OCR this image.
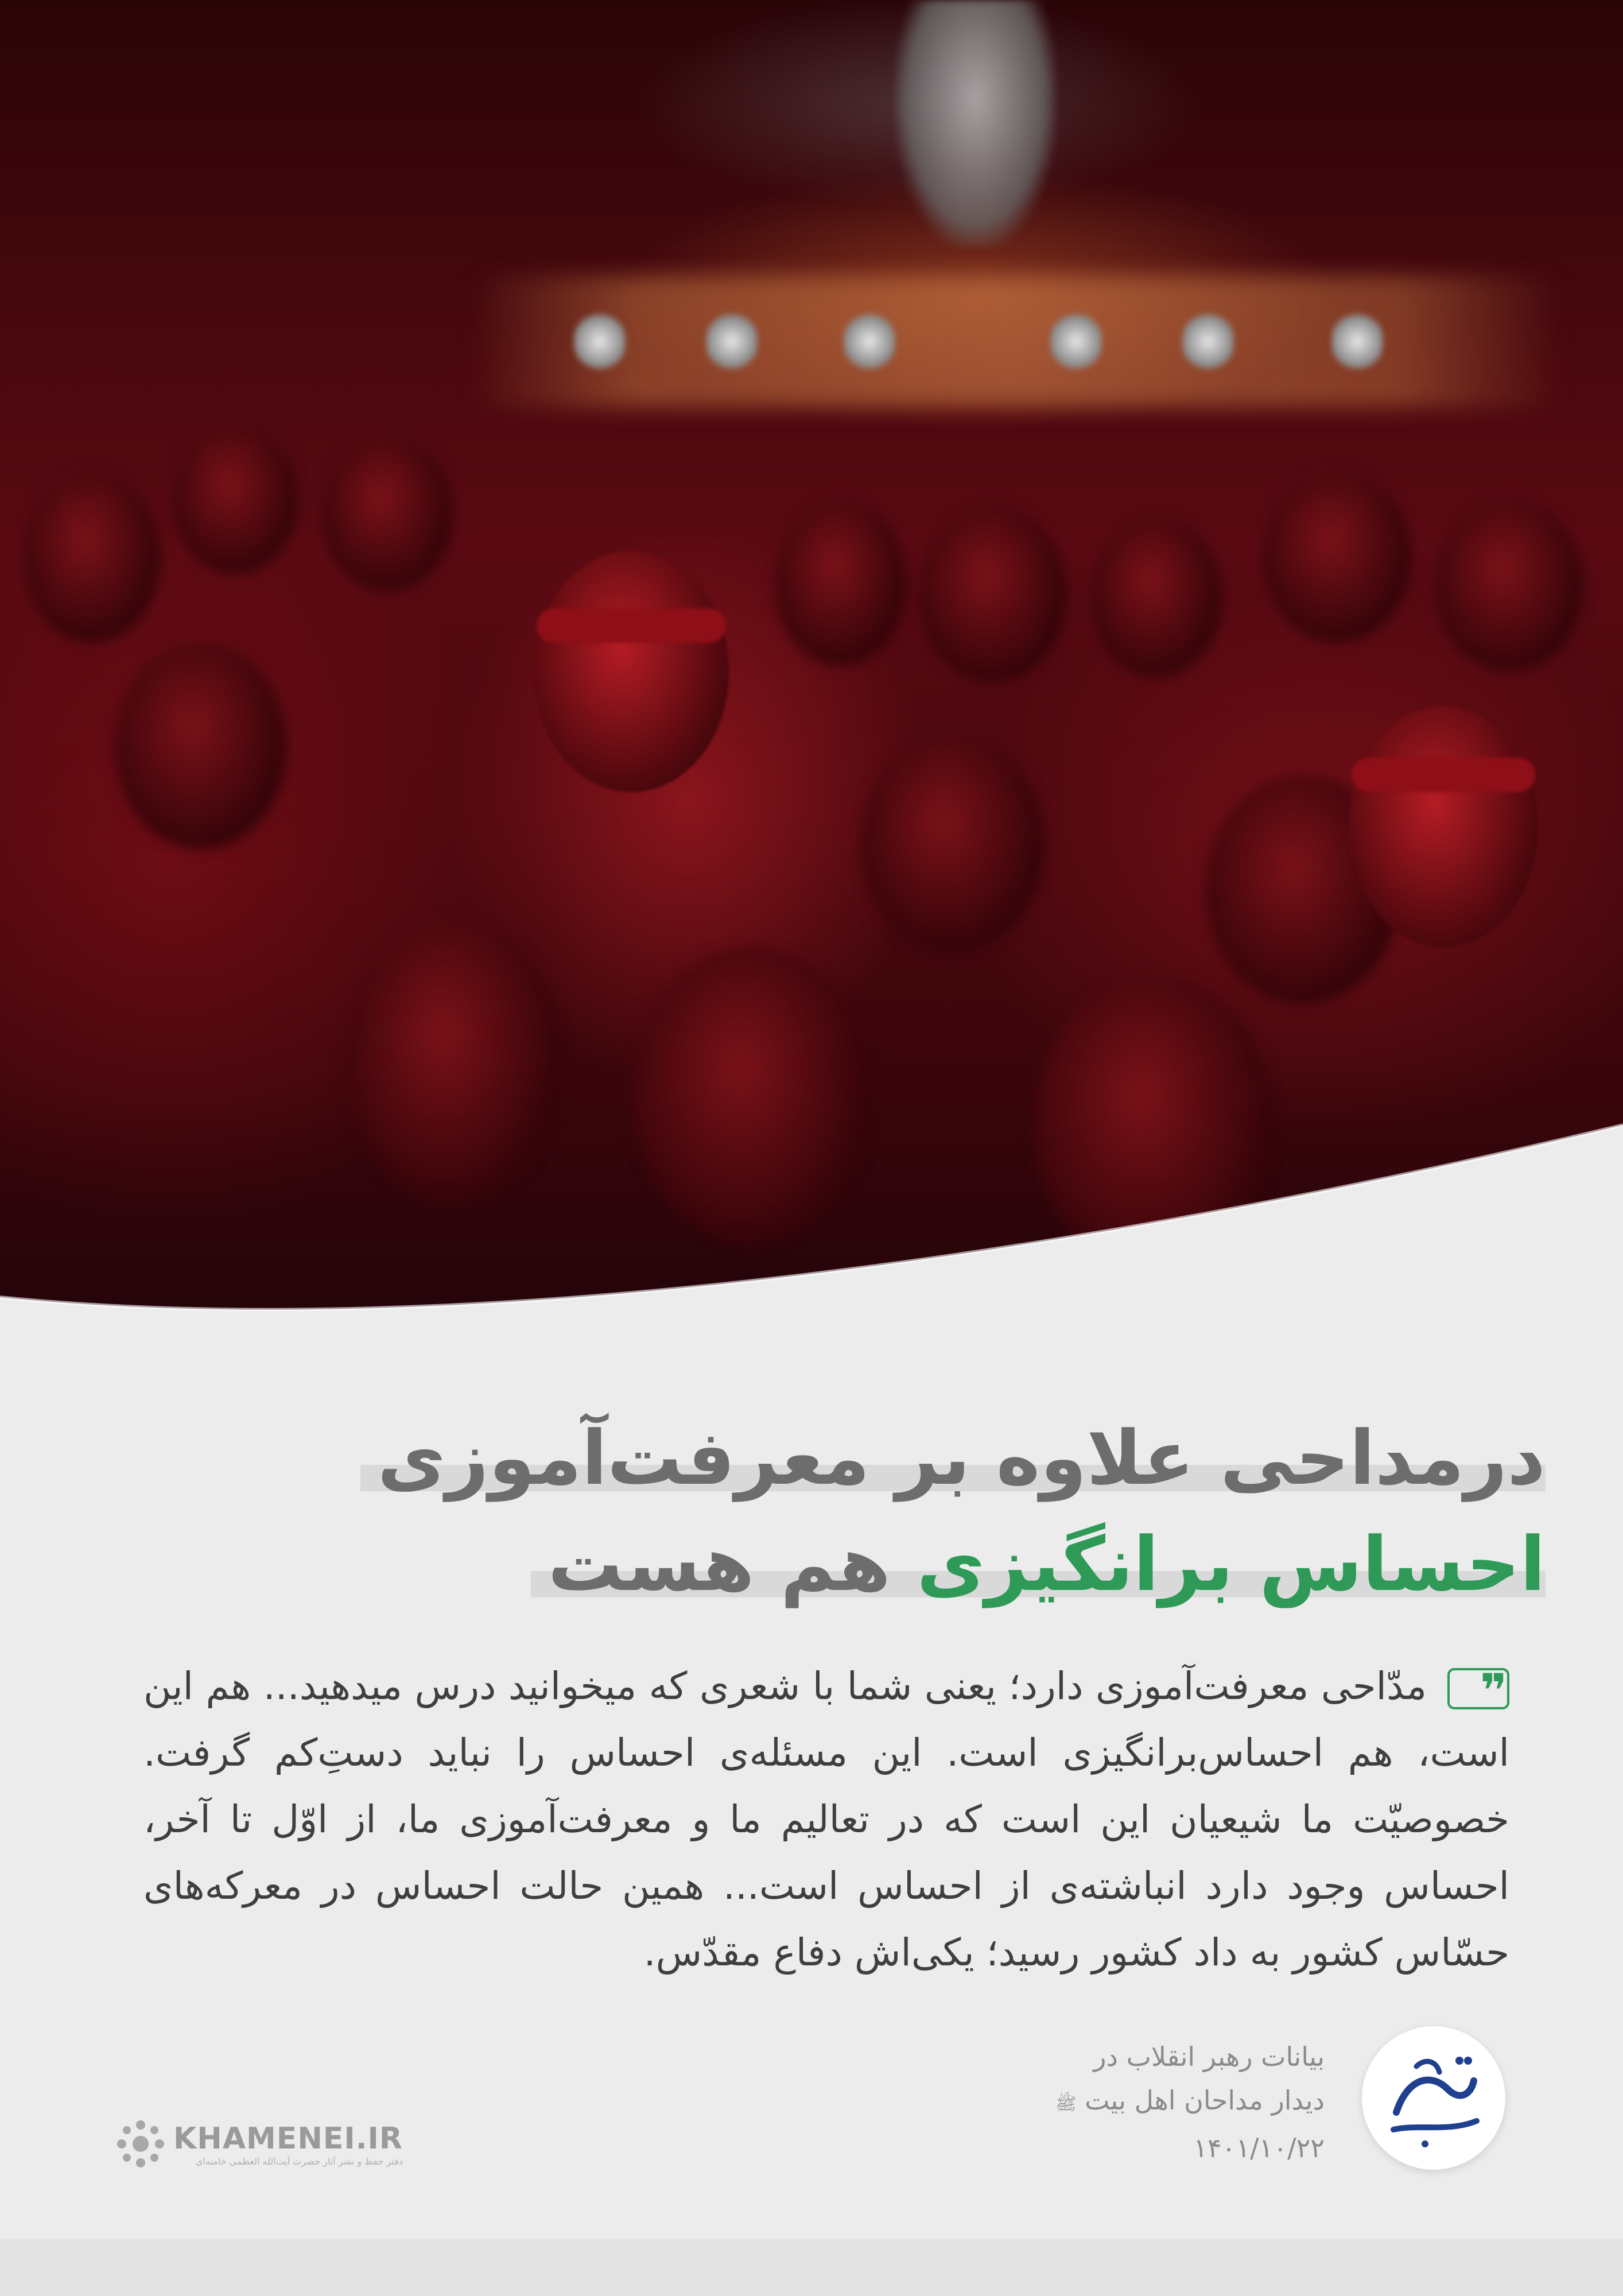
درمداحی علاوه بر معرفت‌آموزی
احساس برانگیزی هم هست
❞مدّاحی معرفت‌آموزی دارد؛ یعنی شما با شعری که میخوانید درس میدهید... هم این است، هم احساس‌برانگیزی است. این مسئله‌ی احساس را نباید دستِ‌کم گرفت. خصوصیّت ما شیعیان این است که در تعالیم ما و معرفت‌آموزی ما، از اوّل تا آخر، احساس وجود دارد انباشته‌ی از احساس است... همین حالت احساس در معرکه‌های حسّاس کشور به داد کشور رسید؛ یکی‌اش دفاع مقدّس.
بیانات رهبر انقلاب در
دیدار مداحان اهل بیت ﷺ
۱۴۰۱/۱۰/۲۲
KHAMENEI.IR
دفتر حفظ و نشر آثار حضرت آیت‌الله العظمی خامنه‌ای
